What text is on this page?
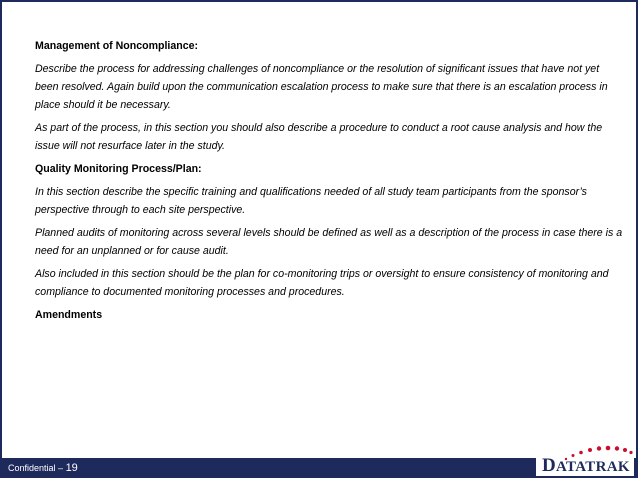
Management of Noncompliance:

Describe the process for addressing challenges of noncompliance or the resolution of significant issues that have not yet been resolved. Again build upon the communication escalation process to make sure that there is an escalation process in place should it be necessary.

As part of the process, in this section you should also describe a procedure to conduct a root cause analysis and how the issue will not resurface later in the study.

Quality Monitoring Process/Plan:

In this section describe the specific training and qualifications needed of all study team participants from the sponsor’s perspective through to each site perspective.

Planned audits of monitoring across several levels should be defined as well as a description of the process in case there is a need for an unplanned or for cause audit.

Also included in this section should be the plan for co-monitoring trips or oversight to ensure consistency of monitoring and compliance to documented monitoring processes and procedures.

Amendments

Confidential – 19	DATATRAK
